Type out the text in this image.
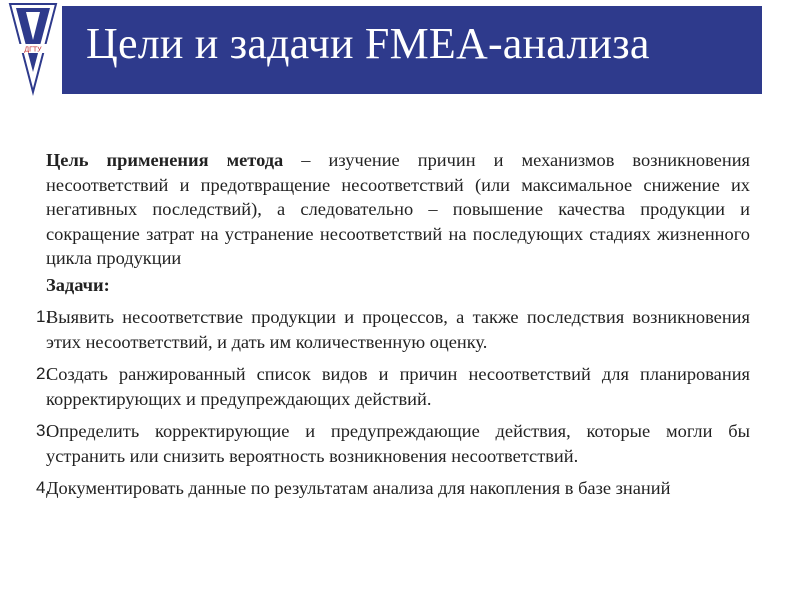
ДГТУ Цели и задачи FMEA-анализа

Цель применения метода – изучение причин и механизмов возникновения несоответствий и предотвращение несоответствий (или максимальное снижение их негативных последствий), а следовательно – повышение качества продукции и сокращение затрат на устранение несоответствий на последующих стадиях жизненного цикла продукции

Задачи:
1.
Выявить несоответствие продукции и процессов, а также последствия возникновения этих несоответствий, и дать им количественную оценку.
2.
Создать ранжированный список видов и причин несоответствий для планирования корректирующих и предупреждающих действий.
3.
Определить корректирующие и предупреждающие действия, которые могли бы устранить или снизить вероятность возникновения несоответствий.
4.
Документировать данные по результатам анализа для накопления в базе знаний
